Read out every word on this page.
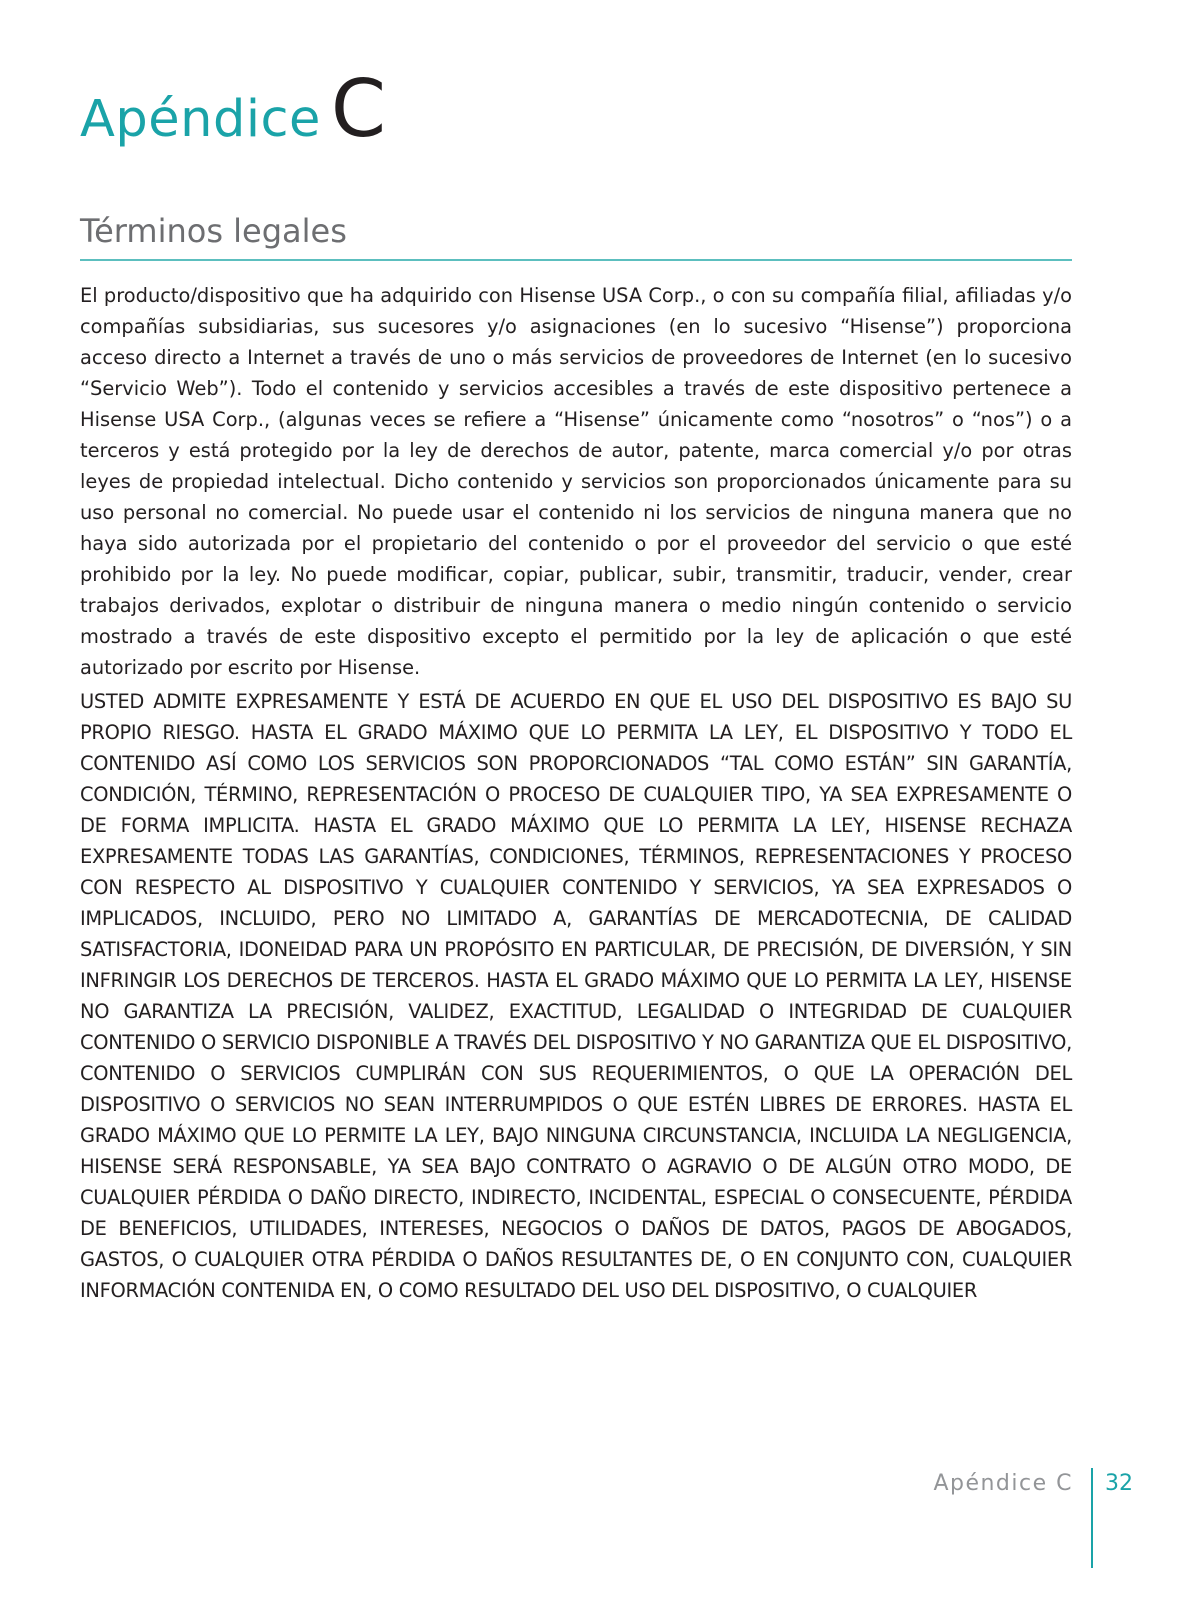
Apéndice C
Términos legales

El producto/dispositivo que ha adquirido con Hisense USA Corp., o con su compañía filial, afiliadas y/o compañías subsidiarias, sus sucesores y/o asignaciones (en lo sucesivo “Hisense”) proporciona acceso directo a Internet a través de uno o más servicios de proveedores de Internet (en lo sucesivo “Servicio Web”). Todo el contenido y servicios accesibles a través de este dispositivo pertenece a Hisense USA Corp., (algunas veces se refiere a “Hisense” únicamente como “nosotros” o “nos”) o a terceros y está protegido por la ley de derechos de autor, patente, marca comercial y/o por otras leyes de propiedad intelectual. Dicho contenido y servicios son proporcionados únicamente para su uso personal no comercial. No puede usar el contenido ni los servicios de ninguna manera que no haya sido autorizada por el propietario del contenido o por el proveedor del servicio o que esté prohibido por la ley. No puede modificar, copiar, publicar, subir, transmitir, traducir, vender, crear trabajos derivados, explotar o distribuir de ninguna manera o medio ningún contenido o servicio mostrado a través de este dispositivo excepto el permitido por la ley de aplicación o que esté autorizado por escrito por Hisense.

USTED ADMITE EXPRESAMENTE Y ESTÁ DE ACUERDO EN QUE EL USO DEL DISPOSITIVO ES BAJO SU PROPIO RIESGO. HASTA EL GRADO MÁXIMO QUE LO PERMITA LA LEY, EL DISPOSITIVO Y TODO EL CONTENIDO ASÍ COMO LOS SERVICIOS SON PROPORCIONADOS “TAL COMO ESTÁN” SIN GARANTÍA, CONDICIÓN, TÉRMINO, REPRESENTACIÓN O PROCESO DE CUALQUIER TIPO, YA SEA EXPRESAMENTE O DE FORMA IMPLICITA. HASTA EL GRADO MÁXIMO QUE LO PERMITA LA LEY, HISENSE RECHAZA EXPRESAMENTE TODAS LAS GARANTÍAS, CONDICIONES, TÉRMINOS, REPRESENTACIONES Y PROCESO CON RESPECTO AL DISPOSITIVO Y CUALQUIER CONTENIDO Y SERVICIOS, YA SEA EXPRESADOS O IMPLICADOS, INCLUIDO, PERO NO LIMITADO A, GARANTÍAS DE MERCADOTECNIA, DE CALIDAD SATISFACTORIA, IDONEIDAD PARA UN PROPÓSITO EN PARTICULAR, DE PRECISIÓN, DE DIVERSIÓN, Y SIN INFRINGIR LOS DERECHOS DE TERCEROS. HASTA EL GRADO MÁXIMO QUE LO PERMITA LA LEY, HISENSE NO GARANTIZA LA PRECISIÓN, VALIDEZ, EXACTITUD, LEGALIDAD O INTEGRIDAD DE CUALQUIER CONTENIDO O SERVICIO DISPONIBLE A TRAVÉS DEL DISPOSITIVO Y NO GARANTIZA QUE EL DISPOSITIVO, CONTENIDO O SERVICIOS CUMPLIRÁN CON SUS REQUERIMIENTOS, O QUE LA OPERACIÓN DEL DISPOSITIVO O SERVICIOS NO SEAN INTERRUMPIDOS O QUE ESTÉN LIBRES DE ERRORES. HASTA EL GRADO MÁXIMO QUE LO PERMITE LA LEY, BAJO NINGUNA CIRCUNSTANCIA, INCLUIDA LA NEGLIGENCIA, HISENSE SERÁ RESPONSABLE, YA SEA BAJO CONTRATO O AGRAVIO O DE ALGÚN OTRO MODO, DE CUALQUIER PÉRDIDA O DAÑO DIRECTO, INDIRECTO, INCIDENTAL, ESPECIAL O CONSECUENTE, PÉRDIDA DE BENEFICIOS, UTILIDADES, INTERESES, NEGOCIOS O DAÑOS DE DATOS, PAGOS DE ABOGADOS, GASTOS, O CUALQUIER OTRA PÉRDIDA O DAÑOS RESULTANTES DE, O EN CONJUNTO CON, CUALQUIER INFORMACIÓN CONTENIDA EN, O COMO RESULTADO DEL USO DEL DISPOSITIVO, O CUALQUIER

Apéndice C	32
